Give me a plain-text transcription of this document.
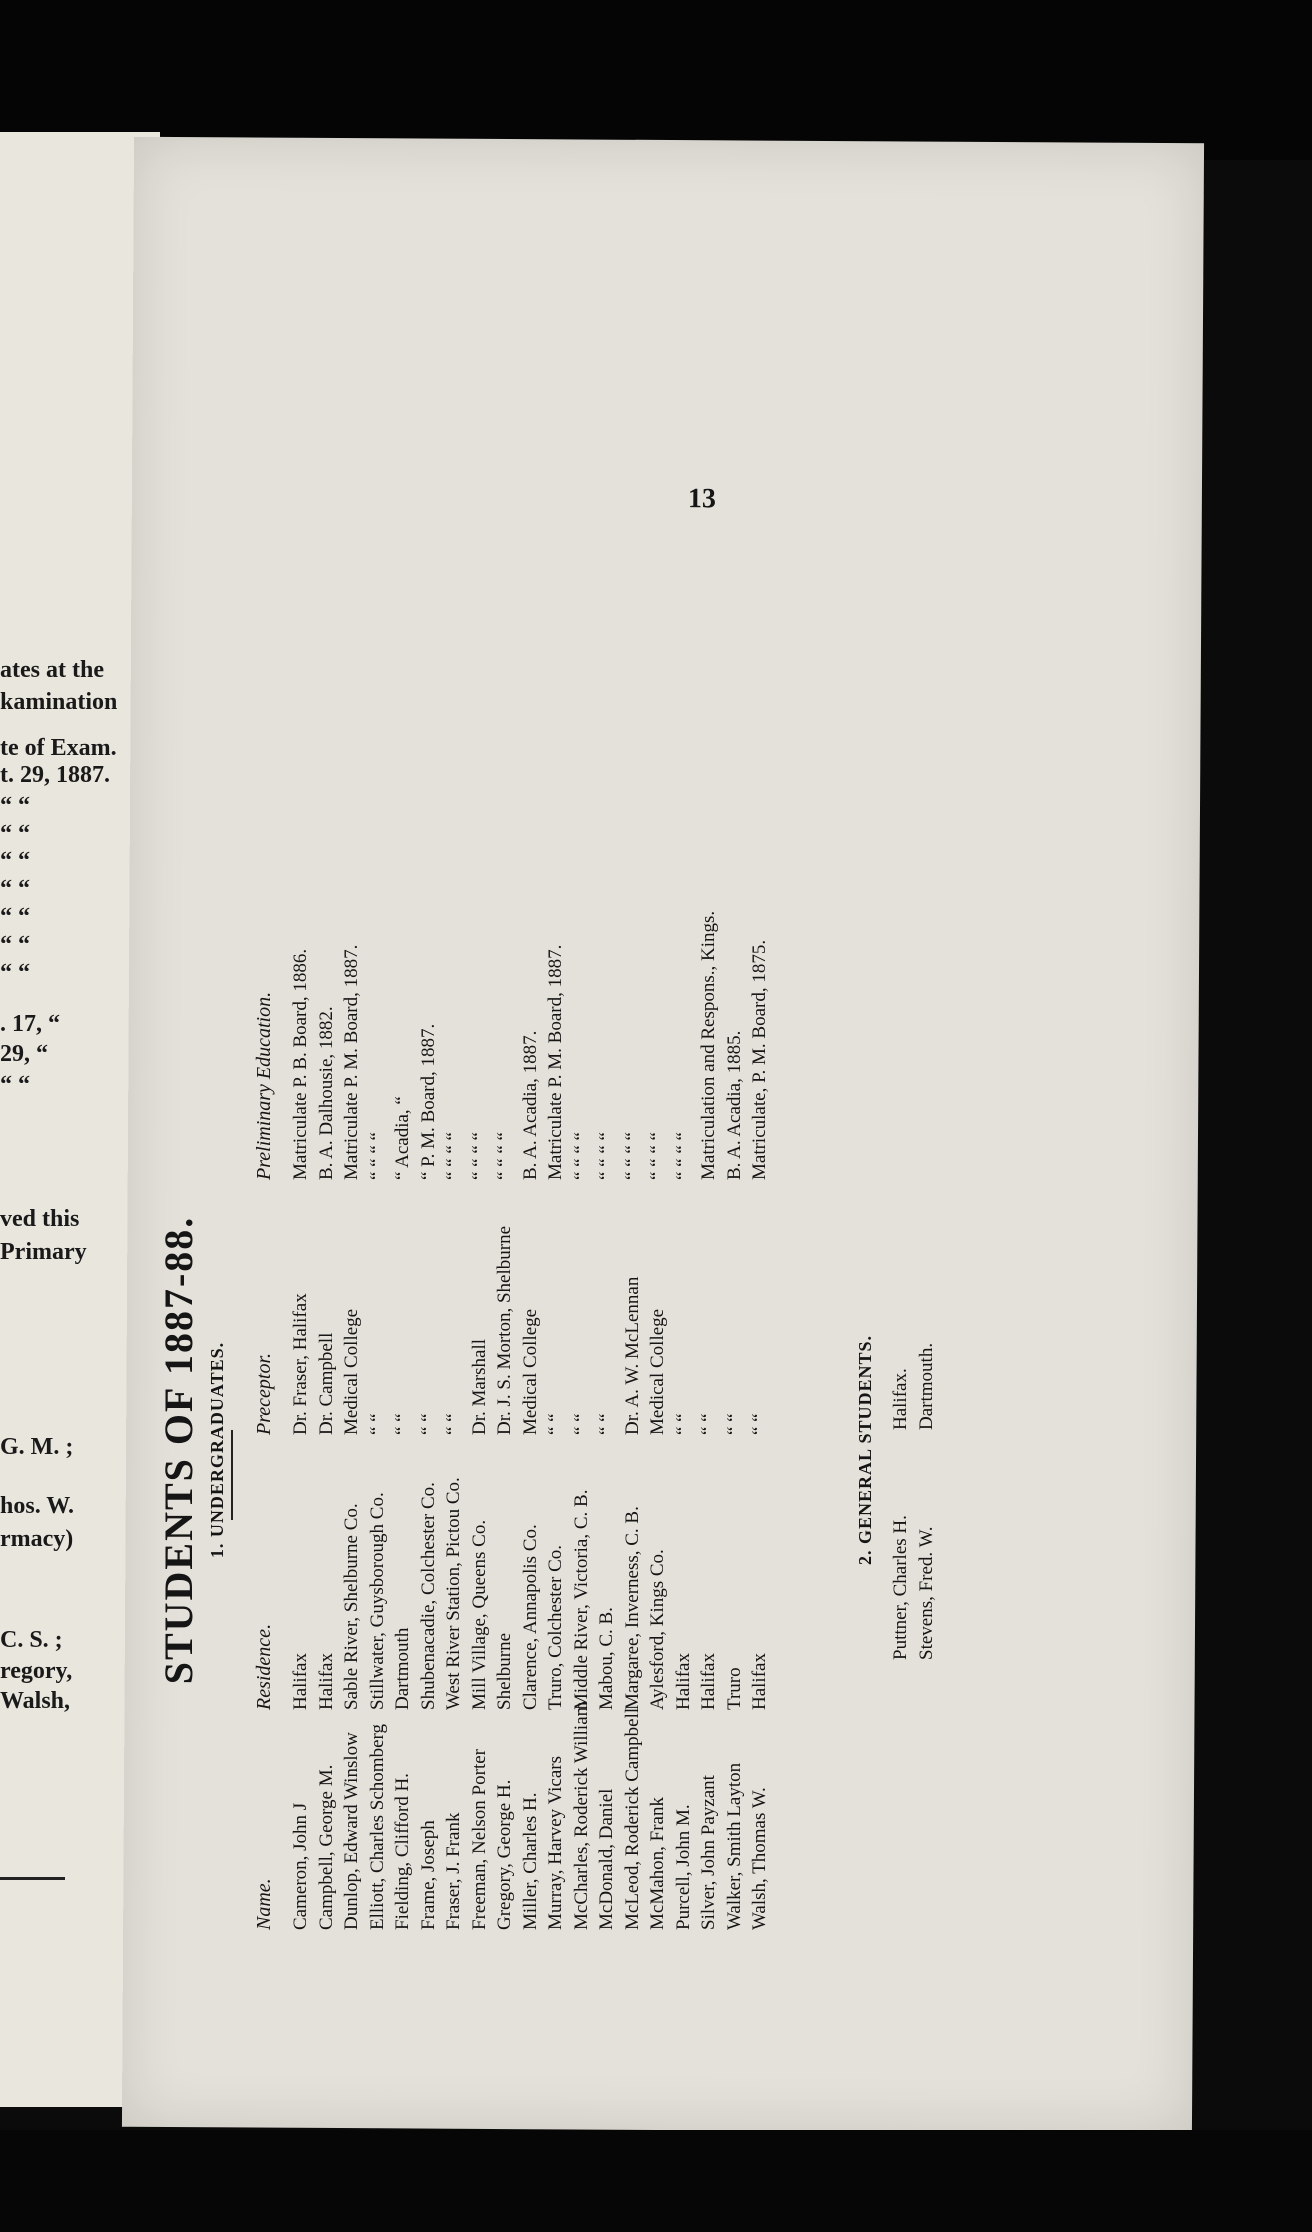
ates at the
kamination
te of Exam.
t. 29, 1887.
“ “
“ “
“ “
“ “
“ “
“ “
“ “
. 17, “
29, “
“ “
ved this
Primary
G. M. ;
hos. W.
rmacy)
C. S. ;
regory,
Walsh,
13
STUDENTS OF 1887-88. 1. UNDERGRADUATES.
Name.
Residence.
Preceptor.
Preliminary Education.
Cameron, John J
Halifax
Dr. Fraser, Halifax
Matriculate P. B. Board, 1886.
Campbell, George M.
Halifax
Dr. Campbell
B. A. Dalhousie, 1882.
Dunlop, Edward Winslow
Sable River, Shelburne Co.
Medical College
Matriculate P. M. Board, 1887.
Elliott, Charles Schomberg
Stillwater, Guysborough Co.
“ “
“ “ “ “
Fielding, Clifford H.
Dartmouth
“ “
“ Acadia, “
Frame, Joseph
Shubenacadie, Colchester Co.
“ “
“ P. M. Board, 1887.
Fraser, J. Frank
West River Station, Pictou Co.
“ “
“ “ “ “
Freeman, Nelson Porter
Mill Village, Queens Co.
Dr. Marshall
“ “ “ “
Gregory, George H.
Shelburne
Dr. J. S. Morton, Shelburne
“ “ “ “
Miller, Charles H.
Clarence, Annapolis Co.
Medical College
B. A. Acadia, 1887.
Murray, Harvey Vicars
Truro, Colchester Co.
“ “
Matriculate P. M. Board, 1887.
McCharles, Roderick William
Middle River, Victoria, C. B.
“ “
“ “ “ “
McDonald, Daniel
Mabou, C. B.
“ “
“ “ “ “
McLeod, Roderick Campbell
Margaree, Inverness, C. B.
Dr. A. W. McLennan
“ “ “ “
McMahon, Frank
Aylesford, Kings Co.
Medical College
“ “ “ “
Purcell, John M.
Halifax
“ “
“ “ “ “
Silver, John Payzant
Halifax
“ “
Matriculation and Respons., Kings.
Walker, Smith Layton
Truro
“ “
B. A. Acadia, 1885.
Walsh, Thomas W.
Halifax
“ “
Matriculate, P. M. Board, 1875.
2. GENERAL STUDENTS.
Puttner, Charles H.
Halifax.
Stevens, Fred. W.
Dartmouth.
